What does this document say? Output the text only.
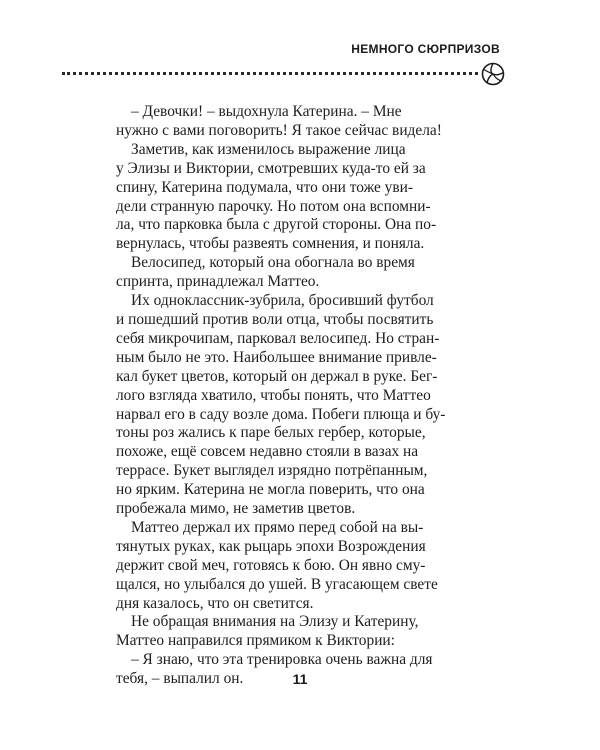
НЕМНОГО СЮРПРИЗОВ

– Девочки! – выдохнула Катерина. – Мне
нужно с вами поговорить! Я такое сейчас видела!

Заметив, как изменилось выражение лица
у Элизы и Виктории, смотревших куда-то ей за
спину, Катерина подумала, что они тоже уви-
дели странную парочку. Но потом она вспомни-
ла, что парковка была с другой стороны. Она по-
вернулась, чтобы развеять сомнения, и поняла.

Велосипед, который она обогнала во время
спринта, принадлежал Маттео.

Их одноклассник-зубрила, бросивший футбол
и пошедший против воли отца, чтобы посвятить
себя микрочипам, парковал велосипед. Но стран-
ным было не это. Наибольшее внимание привле-
кал букет цветов, который он держал в руке. Бег-
лого взгляда хватило, чтобы понять, что Маттео
нарвал его в саду возле дома. Побеги плюща и бу-
тоны роз жались к паре белых гербер, которые,
похоже, ещё совсем недавно стояли в вазах на
террасе. Букет выглядел изрядно потрёпанным,
но ярким. Катерина не могла поверить, что она
пробежала мимо, не заметив цветов.

Маттео держал их прямо перед собой на вы-
тянутых руках, как рыцарь эпохи Возрождения
держит свой меч, готовясь к бою. Он явно сму-
щался, но улыбался до ушей. В угасающем свете
дня казалось, что он светится.

Не обращая внимания на Элизу и Катерину,
Маттео направился прямиком к Виктории:

– Я знаю, что эта тренировка очень важна для
тебя, – выпалил он.	11
